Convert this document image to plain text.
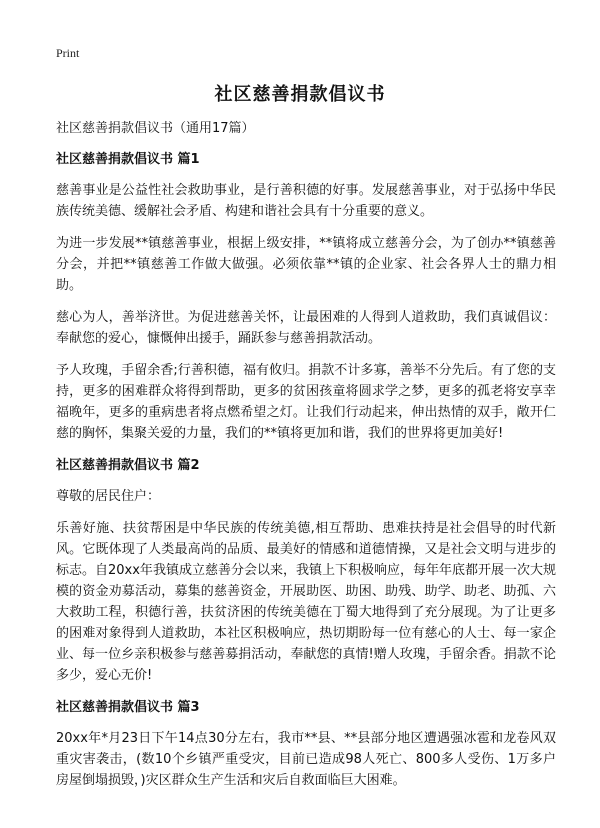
Print
社区慈善捐款倡议书

社区慈善捐款倡议书（通用17篇）

社区慈善捐款倡议书 篇1

慈善事业是公益性社会救助事业，是行善积德的好事。发展慈善事业，对于弘扬中华民族传统美德、缓解社会矛盾、构建和谐社会具有十分重要的意义。

为进一步发展**镇慈善事业，根据上级安排，**镇将成立慈善分会，为了创办**镇慈善分会，并把**镇慈善工作做大做强。必须依靠**镇的企业家、社会各界人士的鼎力相助。

慈心为人，善举济世。为促进慈善关怀，让最困难的人得到人道救助，我们真诚倡议：奉献您的爱心，慷慨伸出援手，踊跃参与慈善捐款活动。

予人玫瑰，手留余香;行善积德，福有攸归。捐款不计多寡，善举不分先后。有了您的支持，更多的困难群众将得到帮助，更多的贫困孩童将圆求学之梦，更多的孤老将安享幸福晚年，更多的重病患者将点燃希望之灯。让我们行动起来，伸出热情的双手，敞开仁慈的胸怀，集聚关爱的力量，我们的**镇将更加和谐，我们的世界将更加美好!

社区慈善捐款倡议书 篇2

尊敬的居民住户：

乐善好施、扶贫帮困是中华民族的传统美德,相互帮助、患难扶持是社会倡导的时代新风。它既体现了人类最高尚的品质、最美好的情感和道德情操，又是社会文明与进步的标志。自20xx年我镇成立慈善分会以来，我镇上下积极响应，每年年底都开展一次大规模的资金劝募活动，募集的慈善资金，开展助医、助困、助残、助学、助老、助孤、六大救助工程，积德行善，扶贫济困的传统美德在丁蜀大地得到了充分展现。为了让更多的困难对象得到人道救助，本社区积极响应，热切期盼每一位有慈心的人士、每一家企业、每一位乡亲积极参与慈善募捐活动，奉献您的真情!赠人玫瑰，手留余香。捐款不论多少，爱心无价!

社区慈善捐款倡议书 篇3

20xx年*月23日下午14点30分左右，我市**县、**县部分地区遭遇强冰雹和龙卷风双重灾害袭击，(数10个乡镇严重受灾，目前已造成98人死亡、800多人受伤、1万多户房屋倒塌损毁，)灾区群众生产生活和灾后自救面临巨大困难。
